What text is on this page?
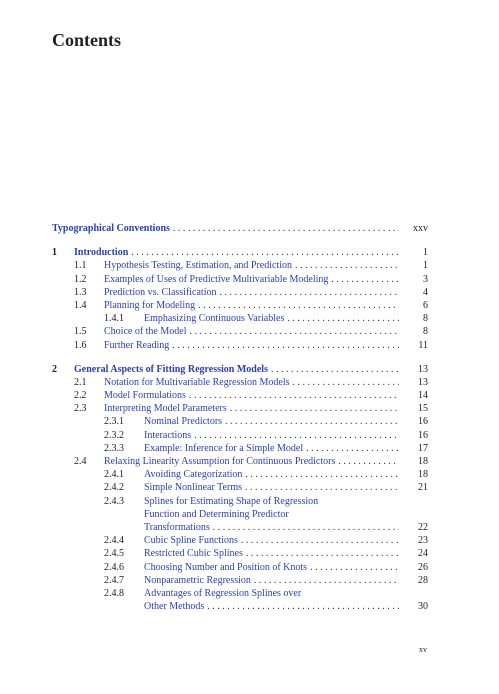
Contents
Typographical Conventions . . .	xxv
1 Introduction . . .	1
1.1 Hypothesis Testing, Estimation, and Prediction . . .	1
1.2 Examples of Uses of Predictive Multivariable Modeling . . .	3
1.3 Prediction vs. Classification . . .	4
1.4 Planning for Modeling . . .	6
1.4.1 Emphasizing Continuous Variables . . .	8
1.5 Choice of the Model . . .	8
1.6 Further Reading . . .	11
2 General Aspects of Fitting Regression Models . . .	13
2.1 Notation for Multivariable Regression Models . . .	13
2.2 Model Formulations . . .	14
2.3 Interpreting Model Parameters . . .	15
2.3.1 Nominal Predictors . . .	16
2.3.2 Interactions . . .	16
2.3.3 Example: Inference for a Simple Model . . .	17
2.4 Relaxing Linearity Assumption for Continuous Predictors . . .	18
2.4.1 Avoiding Categorization . . .	18
2.4.2 Simple Nonlinear Terms . . .	21
2.4.3 Splines for Estimating Shape of Regression
Function and Determining Predictor
Transformations . . .	22
2.4.4 Cubic Spline Functions . . .	23
2.4.5 Restricted Cubic Splines . . .	24
2.4.6 Choosing Number and Position of Knots . . .	26
2.4.7 Nonparametric Regression . . .	28
2.4.8 Advantages of Regression Splines over
Other Methods . . .	30
xv
